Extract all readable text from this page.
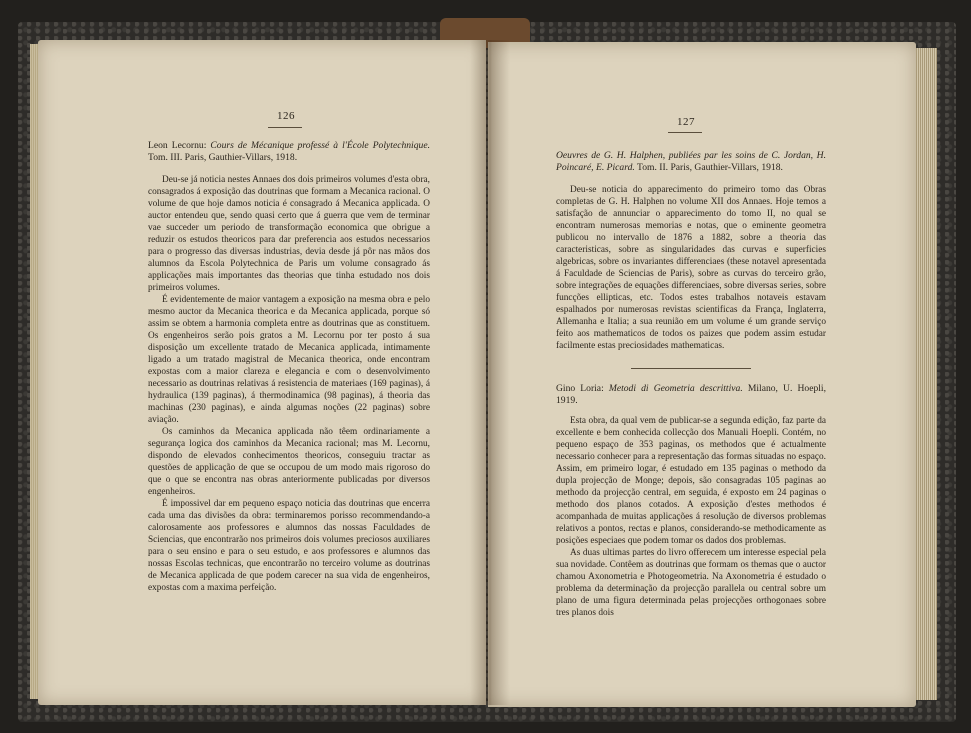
126

Leon Lecornu: Cours de Mécanique professé à l'École Polytechnique. Tom. III. Paris, Gauthier-Villars, 1918.

Deu-se já noticia nestes Annaes dos dois primeiros volumes d'esta obra, consagrados á exposição das doutrinas que formam a Mecanica racional. O volume de que hoje damos noticia é consagrado á Mecanica applicada. O auctor entendeu que, sendo quasi certo que á guerra que vem de terminar vae succeder um periodo de transformação economica que obrigue a reduzir os estudos theoricos para dar preferencia aos estudos necessarios para o progresso das diversas industrias, devia desde já pôr nas mãos dos alumnos da Escola Polytechnica de Paris um volume consagrado ás applicações mais importantes das theorias que tinha estudado nos dois primeiros volumes.

É evidentemente de maior vantagem a exposição na mesma obra e pelo mesmo auctor da Mecanica theorica e da Mecanica applicada, porque só assim se obtem a harmonia completa entre as doutrinas que as constituem. Os engenheiros serão pois gratos a M. Lecornu por ter posto á sua disposição um excellente tratado de Mecanica applicada, intimamente ligado a um tratado magistral de Mecanica theorica, onde encontram expostas com a maior clareza e elegancia e com o desenvolvimento necessario as doutrinas relativas á resistencia de materiaes (169 paginas), á hydraulica (139 paginas), á thermodinamica (98 paginas), á theoria das machinas (230 paginas), e ainda algumas noções (22 paginas) sobre aviação.

Os caminhos da Mecanica applicada não têem ordinariamente a segurança logica dos caminhos da Mecanica racional; mas M. Lecornu, dispondo de elevados conhecimentos theoricos, conseguiu tractar as questões de applicação de que se occupou de um modo mais rigoroso do que o que se encontra nas obras anteriormente publicadas por diversos engenheiros.

É impossivel dar em pequeno espaço noticia das doutrinas que encerra cada uma das divisões da obra: terminaremos porisso recommendando-a calorosamente aos professores e alumnos das nossas Faculdades de Sciencias, que encontrarão nos primeiros dois volumes preciosos auxiliares para o seu ensino e para o seu estudo, e aos professores e alumnos das nossas Escolas technicas, que encontrarão no terceiro volume as doutrinas de Mecanica applicada de que podem carecer na sua vida de engenheiros, expostas com a maxima perfeição.

127

Oeuvres de G. H. Halphen, publiées par les soins de C. Jordan, H. Poincaré, E. Picard. Tom. II. Paris, Gauthier-Villars, 1918.

Deu-se noticia do apparecimento do primeiro tomo das Obras completas de G. H. Halphen no volume XII dos Annaes. Hoje temos a satisfação de annunciar o apparecimento do tomo II, no qual se encontram numerosas memorias e notas, que o eminente geometra publicou no intervallo de 1876 a 1882, sobre a theoria das caracteristicas, sobre as singularidades das curvas e superficies algebricas, sobre os invariantes differenciaes (these notavel apresentada á Faculdade de Sciencias de Paris), sobre as curvas do terceiro grão, sobre integrações de equações differenciaes, sobre diversas series, sobre funcções ellipticas, etc. Todos estes trabalhos notaveis estavam espalhados por numerosas revistas scientificas da França, Inglaterra, Allemanha e Italia; a sua reunião em um volume é um grande serviço feito aos mathematicos de todos os paizes que podem assim estudar facilmente estas preciosidades mathematicas.

Gino Loria: Metodi di Geometria descrittiva. Milano, U. Hoepli, 1919.

Esta obra, da qual vem de publicar-se a segunda edição, faz parte da excellente e bem conhecida collecção dos Manuali Hoepli. Contém, no pequeno espaço de 353 paginas, os methodos que é actualmente necessario conhecer para a representação das formas situadas no espaço. Assim, em primeiro logar, é estudado em 135 paginas o methodo da dupla projecção de Monge; depois, são consagradas 105 paginas ao methodo da projecção central, em seguida, é exposto em 24 paginas o methodo dos planos cotados. A exposição d'estes methodos é acompanhada de muitas applicações á resolução de diversos problemas relativos a pontos, rectas e planos, considerando-se methodicamente as posições especiaes que podem tomar os dados dos problemas.

As duas ultimas partes do livro offerecem um interesse especial pela sua novidade. Contêem as doutrinas que formam os themas que o auctor chamou Axonometria e Photogeometria. Na Axonometria é estudado o problema da determinação da projecção parallela ou central sobre um plano de uma figura determinada pelas projecções orthogonaes sobre tres planos dois
